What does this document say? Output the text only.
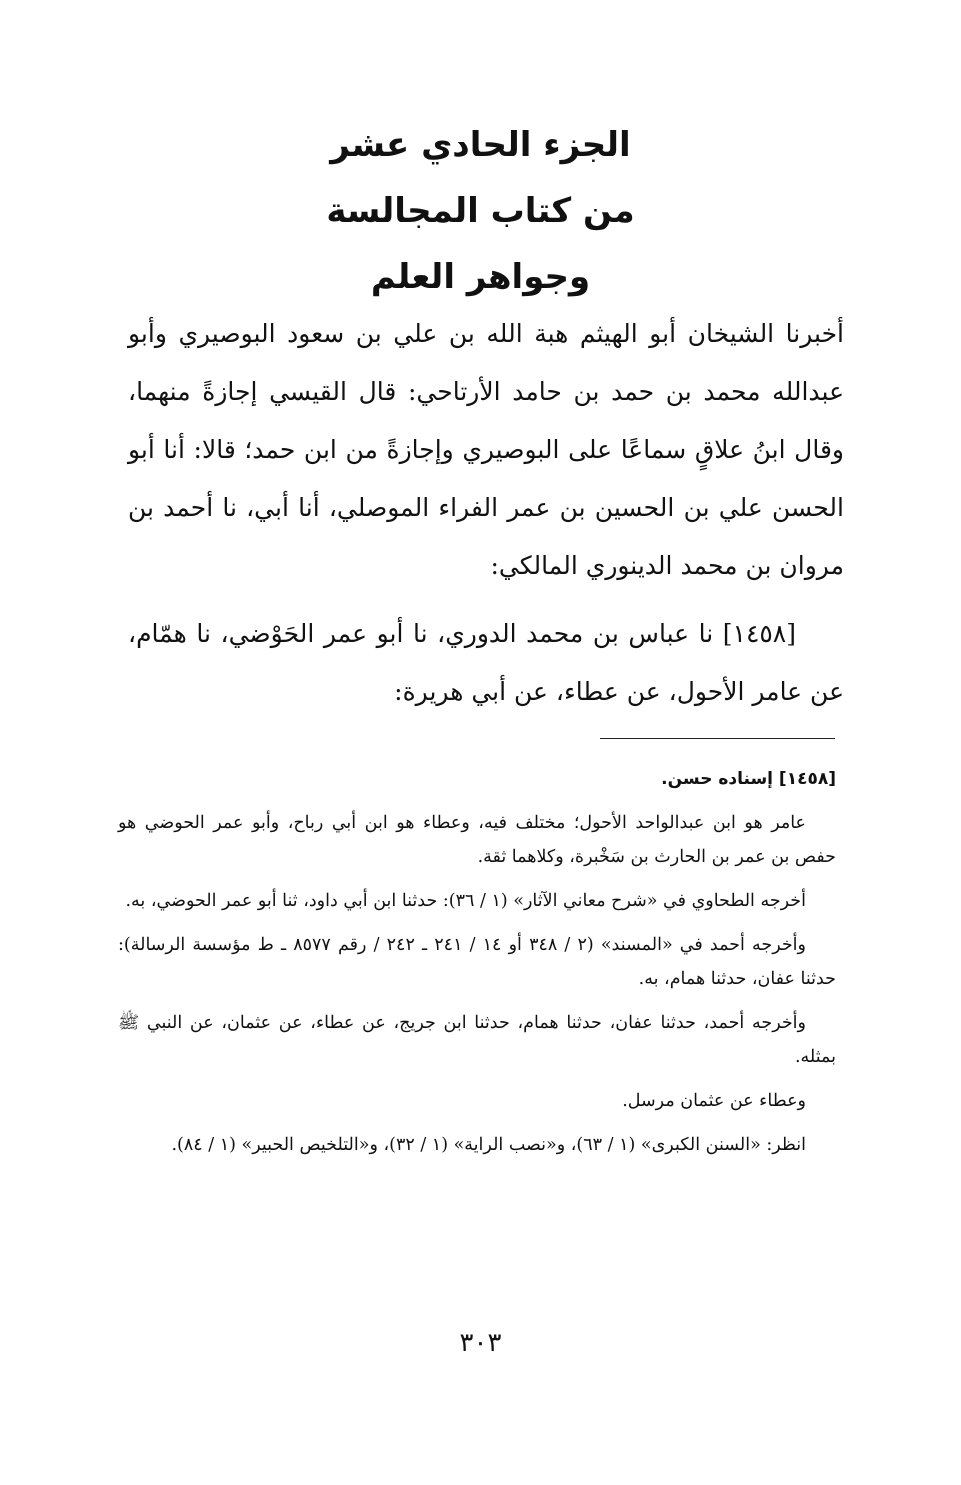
الجزء الحادي عشر

من كتاب المجالسة

وجواهر العلم

أخبرنا الشيخان أبو الهيثم هبة الله بن علي بن سعود البوصيري وأبو عبدالله محمد بن حمد بن حامد الأرتاحي: قال القيسي إجازةً منهما، وقال ابنُ علاقٍ سماعًا على البوصيري وإجازةً من ابن حمد؛ قالا: أنا أبو الحسن علي بن الحسين بن عمر الفراء الموصلي، أنا أبي، نا أحمد بن مروان بن محمد الدينوري المالكي:

[١٤٥٨] نا عباس بن محمد الدوري، نا أبو عمر الحَوْضي، نا همّام، عن عامر الأحول، عن عطاء، عن أبي هريرة:

[١٤٥٨] إسناده حسن.

عامر هو ابن عبدالواحد الأحول؛ مختلف فيه، وعطاء هو ابن أبي رباح، وأبو عمر الحوضي هو حفص بن عمر بن الحارث بن سَخْبرة، وكلاهما ثقة.

أخرجه الطحاوي في «شرح معاني الآثار» (١ / ٣٦): حدثنا ابن أبي داود، ثنا أبو عمر الحوضي، به.

وأخرجه أحمد في «المسند» (٢ / ٣٤٨ أو ١٤ / ٢٤١ ـ ٢٤٢ / رقم ٨٥٧٧ ـ ط مؤسسة الرسالة): حدثنا عفان، حدثنا همام، به.

وأخرجه أحمد، حدثنا عفان، حدثنا همام، حدثنا ابن جريج، عن عطاء، عن عثمان، عن النبي ﷺ بمثله.

وعطاء عن عثمان مرسل.

انظر: «السنن الكبرى» (١ / ٦٣)، و«نصب الراية» (١ / ٣٢)، و«التلخيص الحبير» (١ / ٨٤).

٣٠٣
